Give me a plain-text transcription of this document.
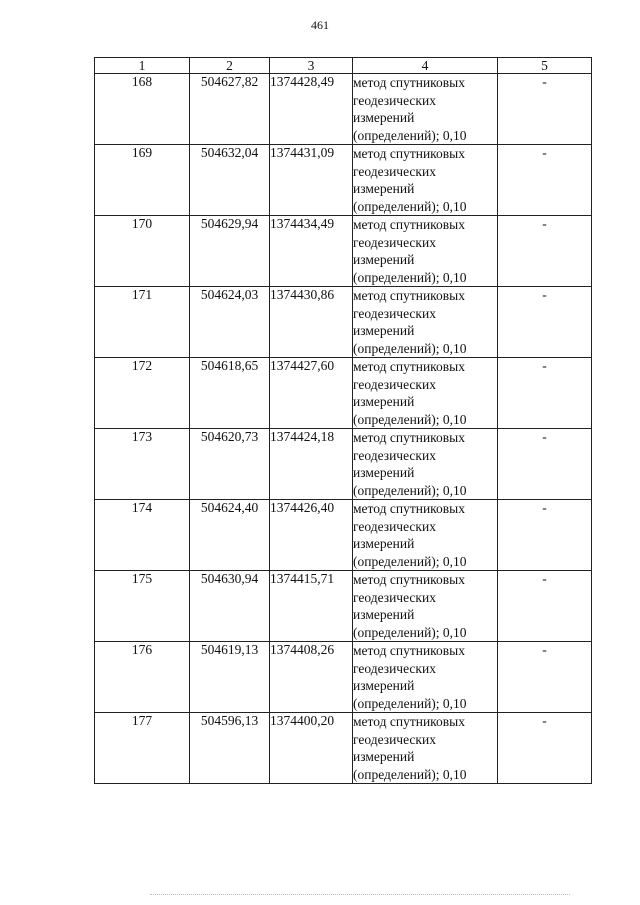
461
1	2	3	4	5
168	504627,82	1374428,49	метод спутниковых
геодезических
измерений
(определений); 0,10	-
169	504632,04	1374431,09	метод спутниковых
геодезических
измерений
(определений); 0,10	-
170	504629,94	1374434,49	метод спутниковых
геодезических
измерений
(определений); 0,10	-
171	504624,03	1374430,86	метод спутниковых
геодезических
измерений
(определений); 0,10	-
172	504618,65	1374427,60	метод спутниковых
геодезических
измерений
(определений); 0,10	-
173	504620,73	1374424,18	метод спутниковых
геодезических
измерений
(определений); 0,10	-
174	504624,40	1374426,40	метод спутниковых
геодезических
измерений
(определений); 0,10	-
175	504630,94	1374415,71	метод спутниковых
геодезических
измерений
(определений); 0,10	-
176	504619,13	1374408,26	метод спутниковых
геодезических
измерений
(определений); 0,10	-
177	504596,13	1374400,20	метод спутниковых
геодезических
измерений
(определений); 0,10	-
